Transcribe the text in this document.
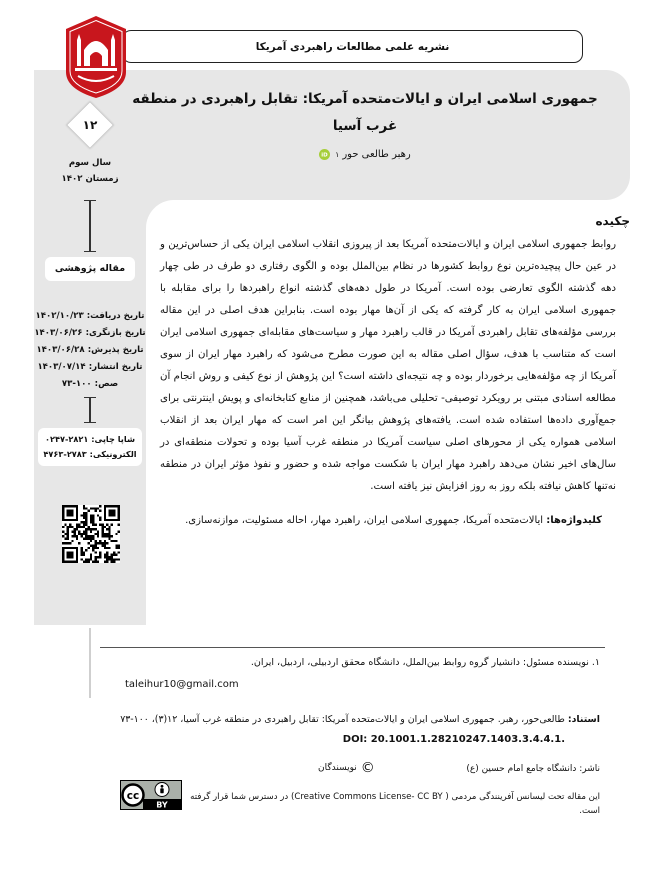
نشریه علمی مطالعات راهبردی آمریکا
۱۲
سال سوم
زمستان ۱۴۰۲
مقاله پژوهشی
تاریخ دریافت: ۱۴۰۲/۱۰/۲۳
تاریخ بازنگری: ۱۴۰۳/۰۶/۲۶
تاریخ پذیرش: ۱۴۰۳/۰۶/۲۸
تاریخ انتشار: ۱۴۰۳/۰۷/۱۴
صص: ۱۰۰-۷۳
شاپا چاپی: ۲۸۲۱-۰۲۴۷
الکترونیکی: ۲۷۸۳-۴۷۶۳
جمهوری اسلامی ایران و ایالات‌متحده آمریکا: تقابل راهبردی در منطقه
غرب آسیا
رهبر طالعی حور
۱
iD
چکیده

روابط جمهوری اسلامی ایران و ایالات‌متحده آمریکا بعد از پیروزی انقلاب اسلامی ایران یکی از حساس‌ترین و در عین حال پیچیده‌ترین نوع روابط کشورها در نظام بین‌الملل بوده و الگوی رفتاری دو طرف در طی چهار دهه گذشته الگوی تعارضی بوده است. آمریکا در طول دهه‌های گذشته انواع راهبردها را برای مقابله با جمهوری اسلامی ایران به کار گرفته که یکی از آن‌ها مهار بوده است. بنابراین هدف اصلی در این مقاله بررسی مؤلفه‌های تقابل راهبردی آمریکا در قالب راهبرد مهار و سیاست‌های مقابله‌ای جمهوری اسلامی ایران است که متناسب با هدف، سؤال اصلی مقاله به این صورت مطرح می‌شود که راهبرد مهار ایران از سوی آمریکا از چه مؤلفه‌هایی برخوردار بوده و چه نتیجه‌ای داشته است؟ این پژوهش از نوع کیفی و روش انجام آن مطالعه اسنادی مبتنی بر رویکرد توصیفی- تحلیلی می‌باشد، همچنین از منابع کتابخانه‌ای و پویش اینترنتی برای جمع‌آوری داده‌ها استفاده شده است. یافته‌های پژوهش بیانگر این امر است که مهار ایران بعد از انقلاب اسلامی همواره یکی از محورهای اصلی سیاست آمریکا در منطقه غرب آسیا بوده و تحولات منطقه‌ای در سال‌های اخیر نشان می‌دهد راهبرد مهار ایران با شکست مواجه شده و حضور و نفوذ مؤثر ایران در منطقه نه‌تنها کاهش نیافته بلکه روز به روز افزایش نیز یافته است.

کلیدواژه‌ها: ایالات‌متحده آمریکا، جمهوری اسلامی ایران، راهبرد مهار، احاله مسئولیت، موازنه‌سازی.
۱. نویسنده مسئول: دانشیار گروه روابط بین‌الملل، دانشگاه محقق اردبیلی، اردبیل، ایران.
taleihur10@gmail.com
استناد: طالعی‌حور، رهبر. جمهوری اسلامی ایران و ایالات‌متحده آمریکا: تقابل راهبردی در منطقه غرب آسیا، ۱۲(۳)، ۱۰۰-۷۳
DOI: 20.1001.1.28210247.1403.3.4.4.1.
ناشر: دانشگاه جامع امام حسین (ع)
©
نویسندگان
cc
BY
این مقاله تحت لیسانس آفرینندگی مردمی ( Creative Commons License- CC BY) در دسترس شما قرار گرفته است.
